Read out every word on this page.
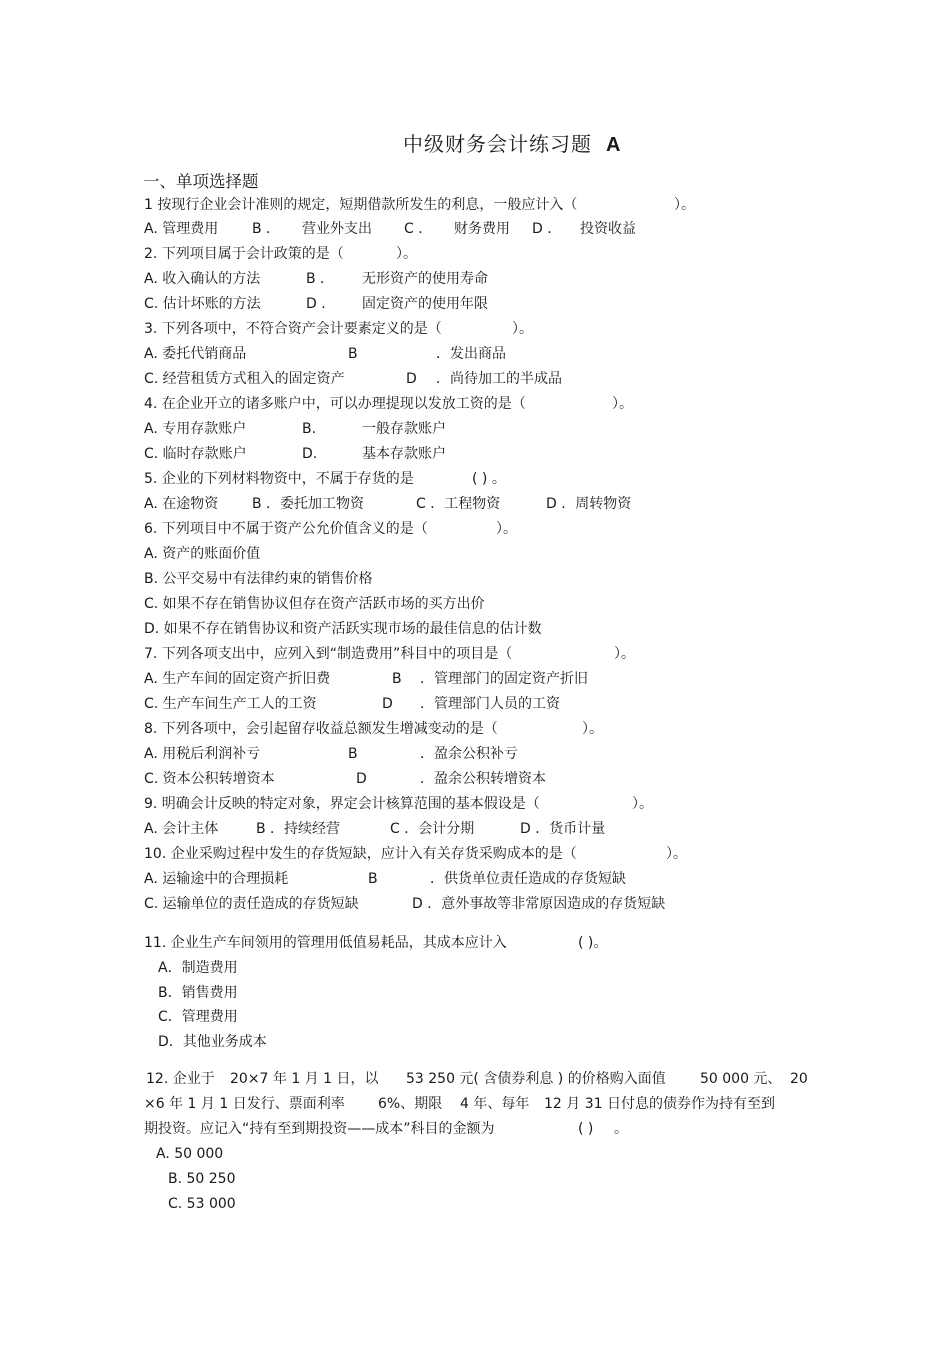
中级财务会计练习题 A
一、单项选择题
1 按现行企业会计准则的规定，短期借款所发生的利息，一般应计入（	）。
A. 管理费用 B ． 营业外支出 C ． 财务费用 D ． 投资收益
2. 下列项目属于会计政策的是（	）。
A. 收入确认的方法	B ． 无形资产的使用寿命
C. 估计坏账的方法	D ． 固定资产的使用年限
3. 下列各项中，不符合资产会计要素定义的是（	）。
A. 委托代销商品	B	．发出商品
C. 经营租赁方式租入的固定资产	D ．尚待加工的半成品
4. 在企业开立的诸多账户中，可以办理提现以发放工资的是（	）。
A. 专用存款账户	B.	一般存款账户
C. 临时存款账户	D.	基本存款账户
5. 企业的下列材料物资中，不属于存货的是	( ) 。
A. 在途物资 B ．委托加工物资	C ．工程物资	D ．周转物资
6. 下列项目中不属于资产公允价值含义的是（	）。
A. 资产的账面价值
B. 公平交易中有法律约束的销售价格
C. 如果不存在销售协议但存在资产活跃市场的买方出价
D. 如果不存在销售协议和资产活跃实现市场的最佳信息的估计数
7. 下列各项支出中，应列入到“制造费用”科目中的项目是（	）。
A. 生产车间的固定资产折旧费	B ．管理部门的固定资产折旧
C. 生产车间生产工人的工资	D ．管理部门人员的工资
8. 下列各项中，会引起留存收益总额发生增减变动的是（	）。
A. 用税后利润补亏	B	．盈余公积补亏
C. 资本公积转增资本	D	．盈余公积转增资本
9. 明确会计反映的特定对象，界定会计核算范围的基本假设是（	）。
A. 会计主体	B ．持续经营	C ．会计分期	D ．货币计量
10. 企业采购过程中发生的存货短缺，应计入有关存货采购成本的是（	）。
A. 运输途中的合理损耗	B	．供货单位责任造成的存货短缺
C. 运输单位的责任造成的存货短缺	D ．意外事故等非常原因造成的存货短缺
11. 企业生产车间领用的管理用低值易耗品，其成本应计入	( )。
A．制造费用
B．销售费用
C．管理费用
D．其他业务成本
12. 企业于 20×7 年 1 月 1 日，以 53 250 元( 含债券利息 ) 的价格购入面值 50 000 元、 20
×6 年 1 月 1 日发行、票面利率 6%、期限 4 年、每年 12 月 31 日付息的债券作为持有至到
期投资。应记入“持有至到期投资——成本”科目的金额为	( ) 。
A. 50 000
B. 50 250
C. 53 000
